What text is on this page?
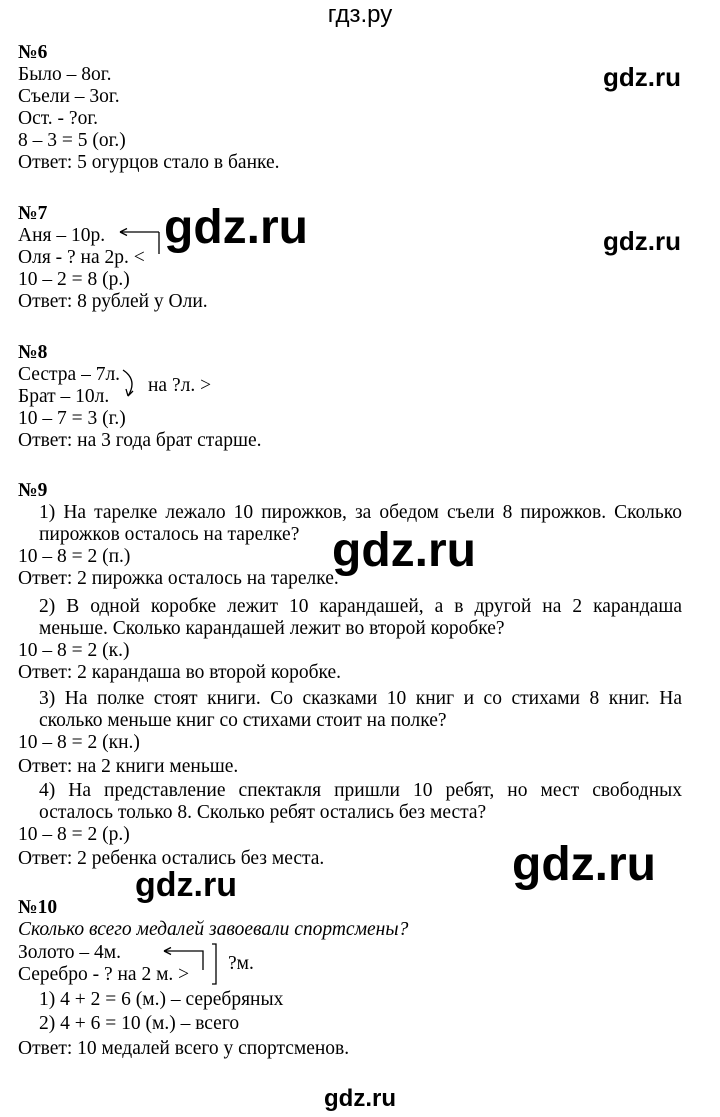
гдз.ру
№6
Было – 8ог.
Съели – 3ог.
Ост. - ?ог.
8 – 3 = 5 (ог.)
Ответ: 5 огурцов стало в банке.
№7
Аня – 10р.
Оля - ? на 2р. <
10 – 2 = 8 (р.)
Ответ: 8 рублей у Оли.
№8
Сестра – 7л.
Брат – 10л.
на ?л. >
10 – 7 = 3 (г.)
Ответ: на 3 года брат старше.
№9
1) На тарелке лежало 10 пирожков, за обедом съели 8 пирожков. Сколько пирожков осталось на тарелке?
10 – 8 = 2 (п.)
Ответ: 2 пирожка осталось на тарелке.
2) В одной коробке лежит 10 карандашей, а в другой на 2 карандаша меньше. Сколько карандашей лежит во второй коробке?
10 – 8 = 2 (к.)
Ответ: 2 карандаша во второй коробке.
3) На полке стоят книги. Со сказками 10 книг и со стихами 8 книг. На сколько меньше книг со стихами стоит на полке?
10 – 8 = 2 (кн.)
Ответ: на 2 книги меньше.
4) На представление спектакля пришли 10 ребят, но мест свободных осталось только 8. Сколько ребят остались без места?
10 – 8 = 2 (р.)
Ответ: 2 ребенка остались без места.
№10
Сколько всего медалей завоевали спортсмены?
Золото – 4м.
Серебро - ? на 2 м. >
?м.
1) 4 + 2 = 6 (м.) – серебряных
2) 4 + 6 = 10 (м.) – всего
Ответ: 10 медалей всего у спортсменов.
gdz.ru
gdz.ru	gdz.ru
gdz.ru
gdz.ru
gdz.ru
gdz.ru
